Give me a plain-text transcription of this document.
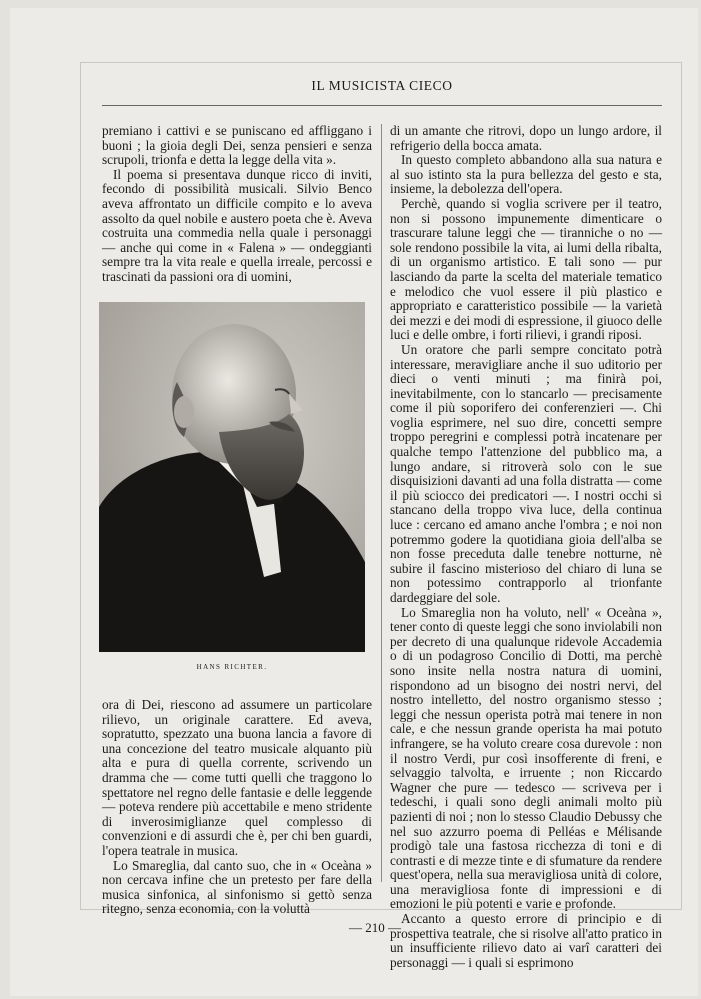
IL MUSICISTA CIECO

premiano i cattivi e se puniscano ed affliggano i buoni ; la gioia degli Dei, senza pensieri e senza scrupoli, trionfa e detta la legge della vita ».

Il poema si presentava dunque ricco di inviti, fecondo di possibilità musicali. Silvio Benco aveva affrontato un difficile compito e lo aveva assolto da quel nobile e austero poeta che è. Aveva costruita una commedia nella quale i personaggi — anche qui come in « Falena » — ondeggianti sempre tra la vita reale e quella irreale, percossi e trascinati da passioni ora di uomini,

HANS RICHTER.

ora di Dei, riescono ad assumere un particolare rilievo, un originale carattere. Ed aveva, sopratutto, spezzato una buona lancia a favore di una concezione del teatro musicale alquanto più alta e pura di quella corrente, scrivendo un dramma che — come tutti quelli che traggono lo spettatore nel regno delle fantasie e delle leggende — poteva rendere più accettabile e meno stridente di inverosimiglianze quel complesso di convenzioni e di assurdi che è, per chi ben guardi, l'opera teatrale in musica.

Lo Smareglia, dal canto suo, che in « Oceàna » non cercava infine che un pretesto per fare della musica sinfonica, al sinfonismo si gettò senza ritegno, senza economia, con la voluttà

di un amante che ritrovi, dopo un lungo ardore, il refrigerio della bocca amata.

In questo completo abbandono alla sua natura e al suo istinto sta la pura bellezza del gesto e sta, insieme, la debolezza dell'opera.

Perchè, quando si voglia scrivere per il teatro, non si possono impunemente dimenticare o trascurare talune leggi che — tiranniche o no — sole rendono possibile la vita, ai lumi della ribalta, di un organismo artistico. E tali sono — pur lasciando da parte la scelta del materiale tematico e melodico che vuol essere il più plastico e appropriato e caratteristico possibile — la varietà dei mezzi e dei modi di espressione, il giuoco delle luci e delle ombre, i forti rilievi, i grandi riposi.

Un oratore che parli sempre concitato potrà interessare, meravigliare anche il suo uditorio per dieci o venti minuti ; ma finirà poi, inevitabilmente, con lo stancarlo — precisamente come il più soporifero dei conferenzieri —. Chi voglia esprimere, nel suo dire, concetti sempre troppo peregrini e complessi potrà incatenare per qualche tempo l'attenzione del pubblico ma, a lungo andare, si ritroverà solo con le sue disquisizioni davanti ad una folla distratta — come il più sciocco dei predicatori —. I nostri occhi si stancano della troppo viva luce, della continua luce : cercano ed amano anche l'ombra ; e noi non potremmo godere la quotidiana gioia dell'alba se non fosse preceduta dalle tenebre notturne, nè subire il fascino misterioso del chiaro di luna se non potessimo contrapporlo al trionfante dardeggiare del sole.

Lo Smareglia non ha voluto, nell' « Oceàna », tener conto di queste leggi che sono inviolabili non per decreto di una qualunque ridevole Accademia o di un podagroso Concilio di Dotti, ma perchè sono insite nella nostra natura di uomini, rispondono ad un bisogno dei nostri nervi, del nostro intelletto, del nostro organismo stesso ; leggi che nessun operista potrà mai tenere in non cale, e che nessun grande operista ha mai potuto infrangere, se ha voluto creare cosa durevole : non il nostro Verdi, pur così insofferente di freni, e selvaggio talvolta, e irruente ; non Riccardo Wagner che pure — tedesco — scriveva per i tedeschi, i quali sono degli animali molto più pazienti di noi ; non lo stesso Claudio Debussy che nel suo azzurro poema di Pelléas e Mélisande prodigò tale una fastosa ricchezza di toni e di contrasti e di mezze tinte e di sfumature da rendere quest'opera, nella sua meravigliosa unità di colore, una meravigliosa fonte di impressioni e di emozioni le più potenti e varie e profonde.

Accanto a questo errore di principio e di prospettiva teatrale, che si risolve all'atto pratico in un insufficiente rilievo dato ai varî caratteri dei personaggi — i quali si esprimono

— 210 —
